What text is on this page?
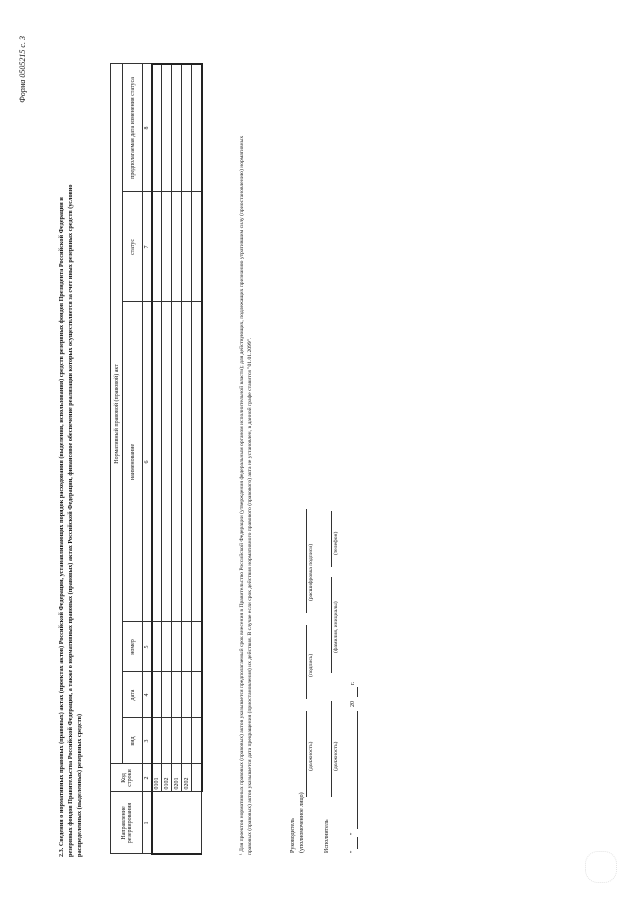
Форма 0505215 с. 3
2.3. Сведения о нормативных правовых (правовых) актах (проектах актов) Российской Федерации, устанавливающих порядок расходования (выделения, использования) средств резервных фондов Президента Российской Федерации и резервных фондов Правительства Российской Федерации, а также о нормативных правовых (правовых) актах Российской Федерации, финансовое обеспечение реализации которых осуществляется за счет иных резервных средств (условно распределенных (выделенных) резервных средств)	Направление резервирования	Код строки	Нормативный правовой (правовой) акт					
		вид	дата	номер	наименование	статус	предполагаемая дата изменения статуса
1	2	3	4	5	6	7	8
	0101						
	0102						
	0201						
	0202						
							¹ Для проектов нормативных правовых (правовых) актов указывается предполагаемый срок внесения в Правительство Российской Федерации (утверждения федеральным органом исполнительной власти); для действующих, подлежащих признанию утратившим силу (приостановлению) нормативных правовых (правовых) актов указывается дата прекращения (приостановления) их действия. В случае если срок действия нормативного правового (правового) акта не установлен, в данной графе ставится "01.01.2099".	Руководитель (уполномоченное лицо)
(должность)
(подпись)
(расшифровка подписи)
Исполнитель
(должность)
(фамилия, инициалы)
(телефон)
"
"
20
г.
